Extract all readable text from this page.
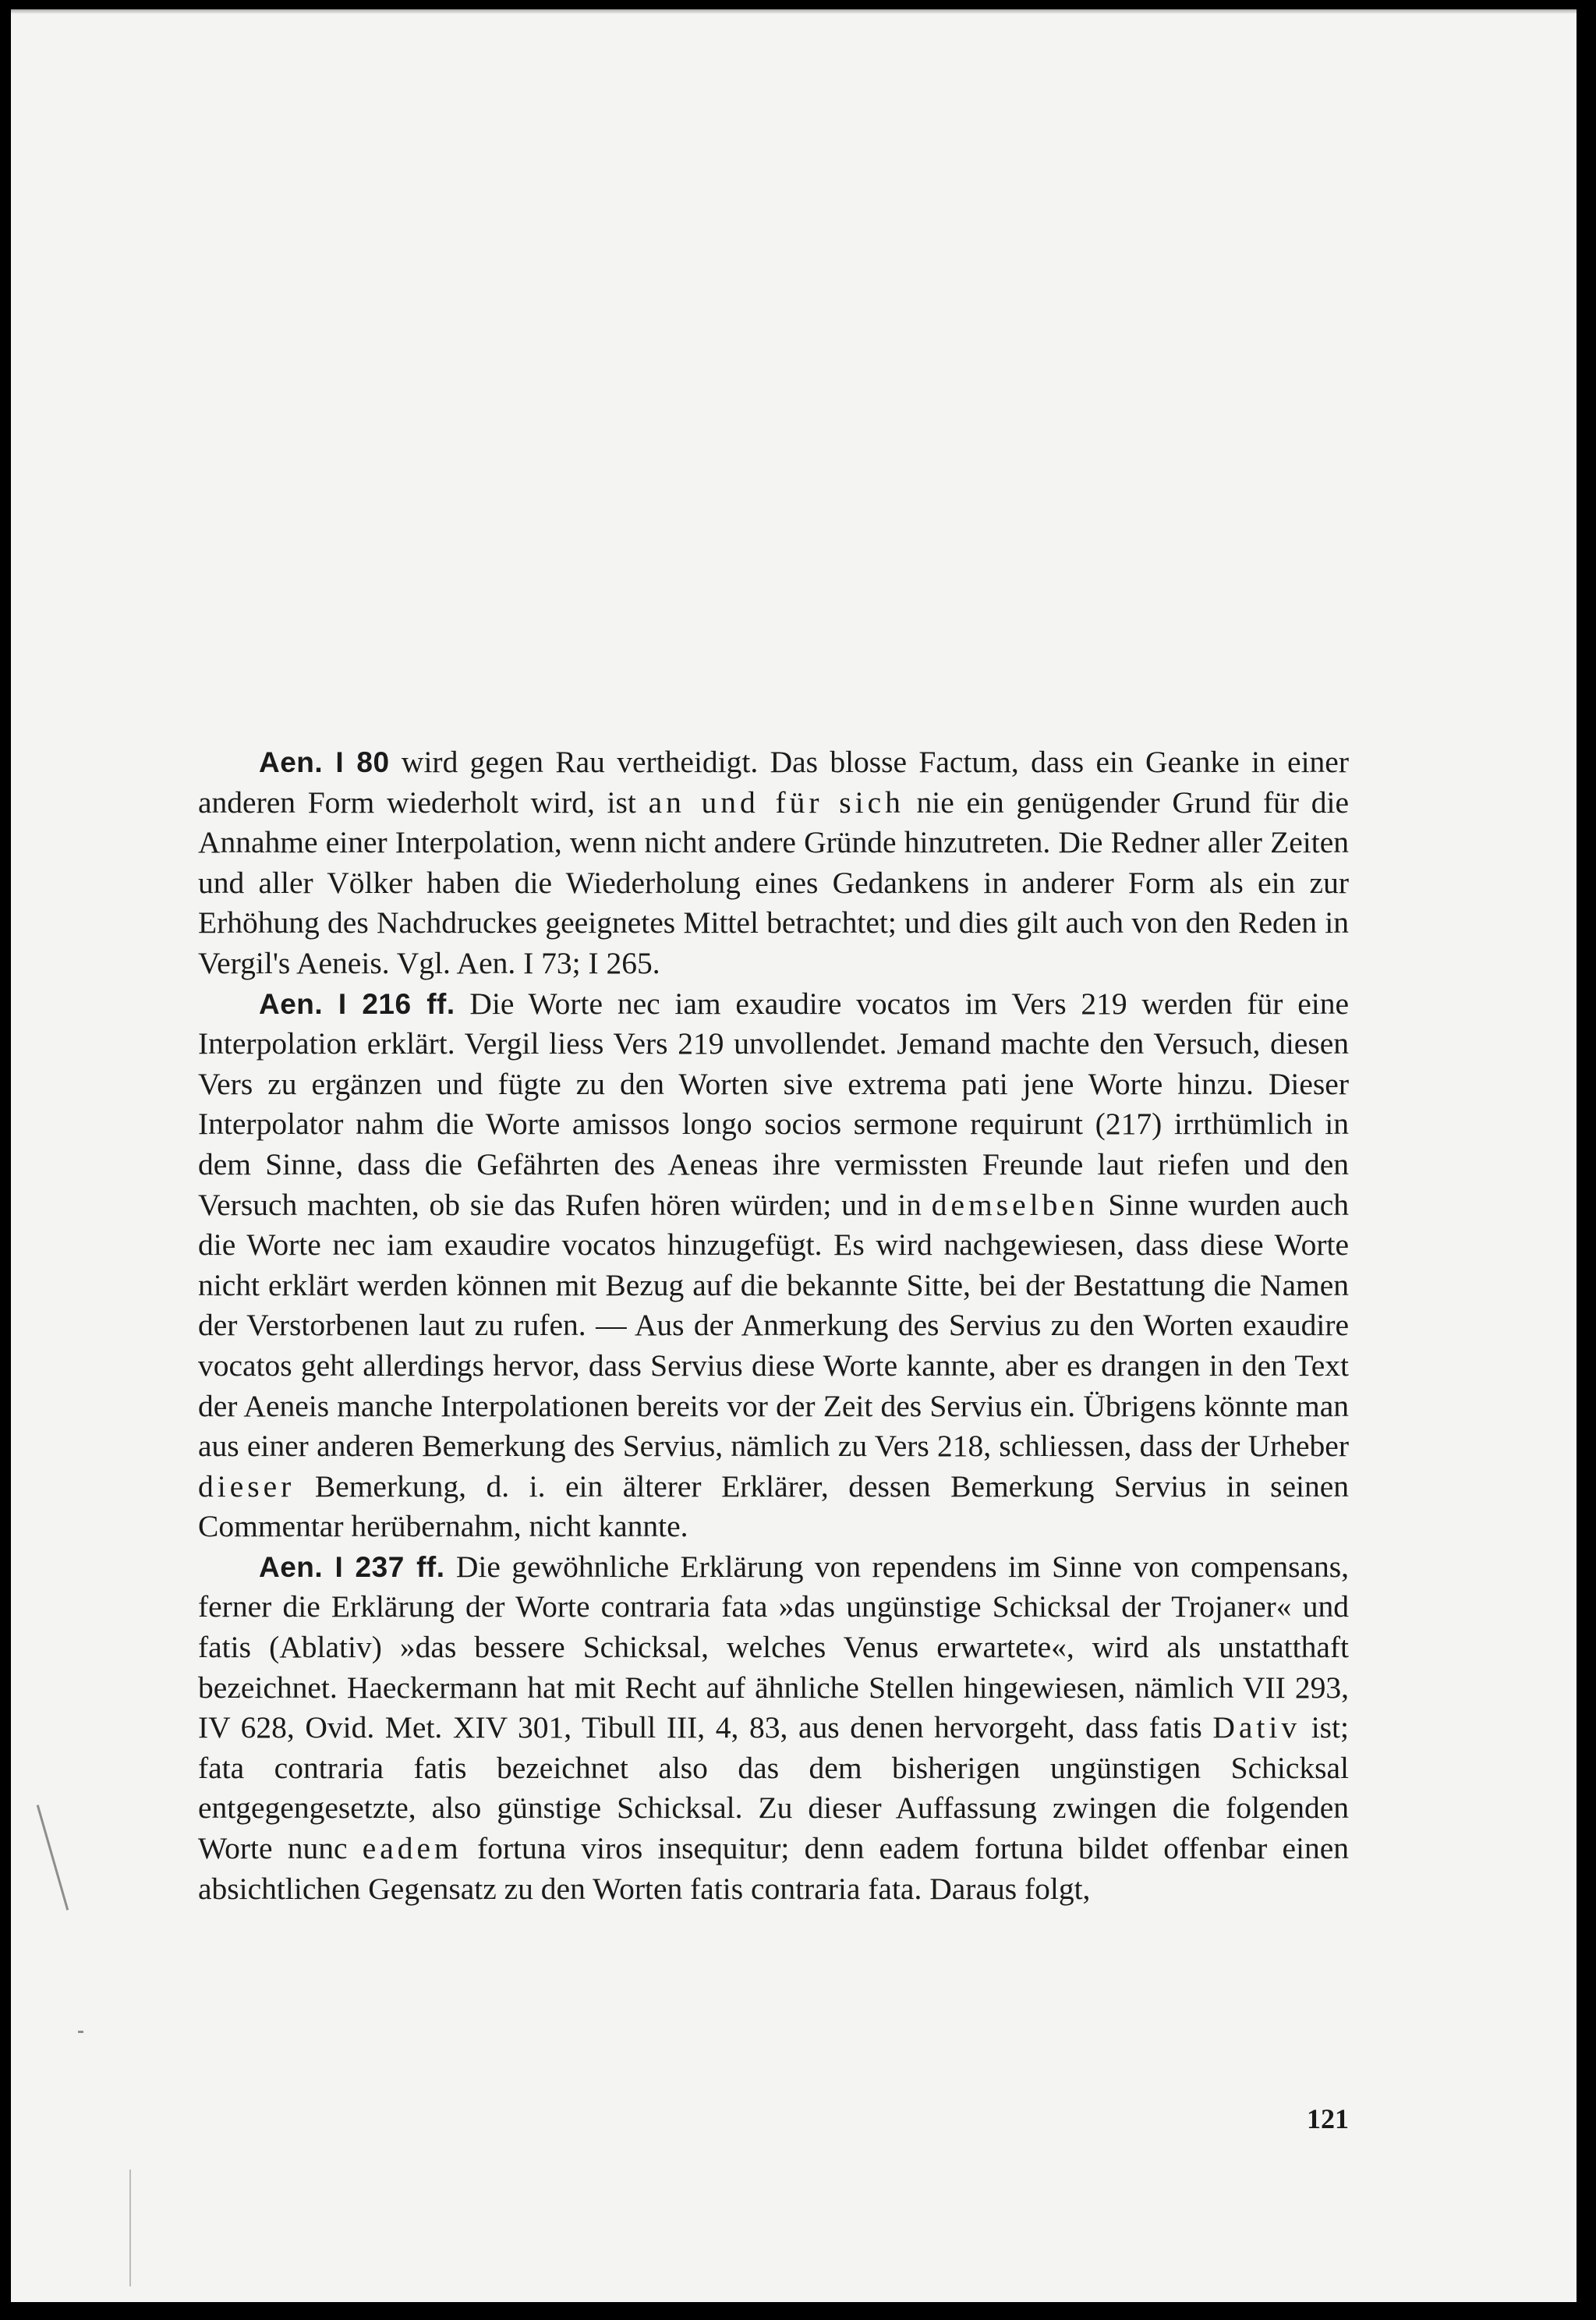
Aen. I 80 wird gegen Rau vertheidigt. Das blosse Factum, dass ein Geanke in einer anderen Form wiederholt wird, ist an und für sich nie ein genügender Grund für die Annahme einer Interpolation, wenn nicht andere Gründe hinzutreten. Die Redner aller Zeiten und aller Völker haben die Wiederholung eines Gedankens in anderer Form als ein zur Erhöhung des Nachdruckes geeignetes Mittel betrachtet; und dies gilt auch von den Reden in Vergil's Aeneis. Vgl. Aen. I 73; I 265.

Aen. I 216 ff. Die Worte nec iam exaudire vocatos im Vers 219 werden für eine Interpolation erklärt. Vergil liess Vers 219 unvollendet. Jemand machte den Versuch, diesen Vers zu ergänzen und fügte zu den Worten sive extrema pati jene Worte hinzu. Dieser Interpolator nahm die Worte amissos longo socios sermone requirunt (217) irrthümlich in dem Sinne, dass die Gefährten des Aeneas ihre vermissten Freunde laut riefen und den Versuch machten, ob sie das Rufen hören würden; und in demselben Sinne wurden auch die Worte nec iam exaudire vocatos hinzugefügt. Es wird nachgewiesen, dass diese Worte nicht erklärt werden können mit Bezug auf die bekannte Sitte, bei der Bestattung die Namen der Verstorbenen laut zu rufen. — Aus der Anmerkung des Servius zu den Worten exaudire vocatos geht allerdings hervor, dass Servius diese Worte kannte, aber es drangen in den Text der Aeneis manche Interpolationen bereits vor der Zeit des Servius ein. Übrigens könnte man aus einer anderen Bemerkung des Servius, nämlich zu Vers 218, schliessen, dass der Urheber dieser Bemerkung, d. i. ein älterer Erklärer, dessen Bemerkung Servius in seinen Commentar herübernahm, nicht kannte.

Aen. I 237 ff. Die gewöhnliche Erklärung von rependens im Sinne von compensans, ferner die Erklärung der Worte contraria fata »das ungünstige Schicksal der Trojaner« und fatis (Ablativ) »das bessere Schicksal, welches Venus erwartete«, wird als unstatthaft bezeichnet. Haeckermann hat mit Recht auf ähnliche Stellen hingewiesen, nämlich VII 293, IV 628, Ovid. Met. XIV 301, Tibull III, 4, 83, aus denen hervorgeht, dass fatis Dativ ist; fata contraria fatis bezeichnet also das dem bisherigen ungünstigen Schicksal entgegengesetzte, also günstige Schicksal. Zu dieser Auffassung zwingen die folgenden Worte nunc eadem fortuna viros insequitur; denn eadem fortuna bildet offenbar einen absichtlichen Gegensatz zu den Worten fatis contraria fata. Daraus folgt,

121
